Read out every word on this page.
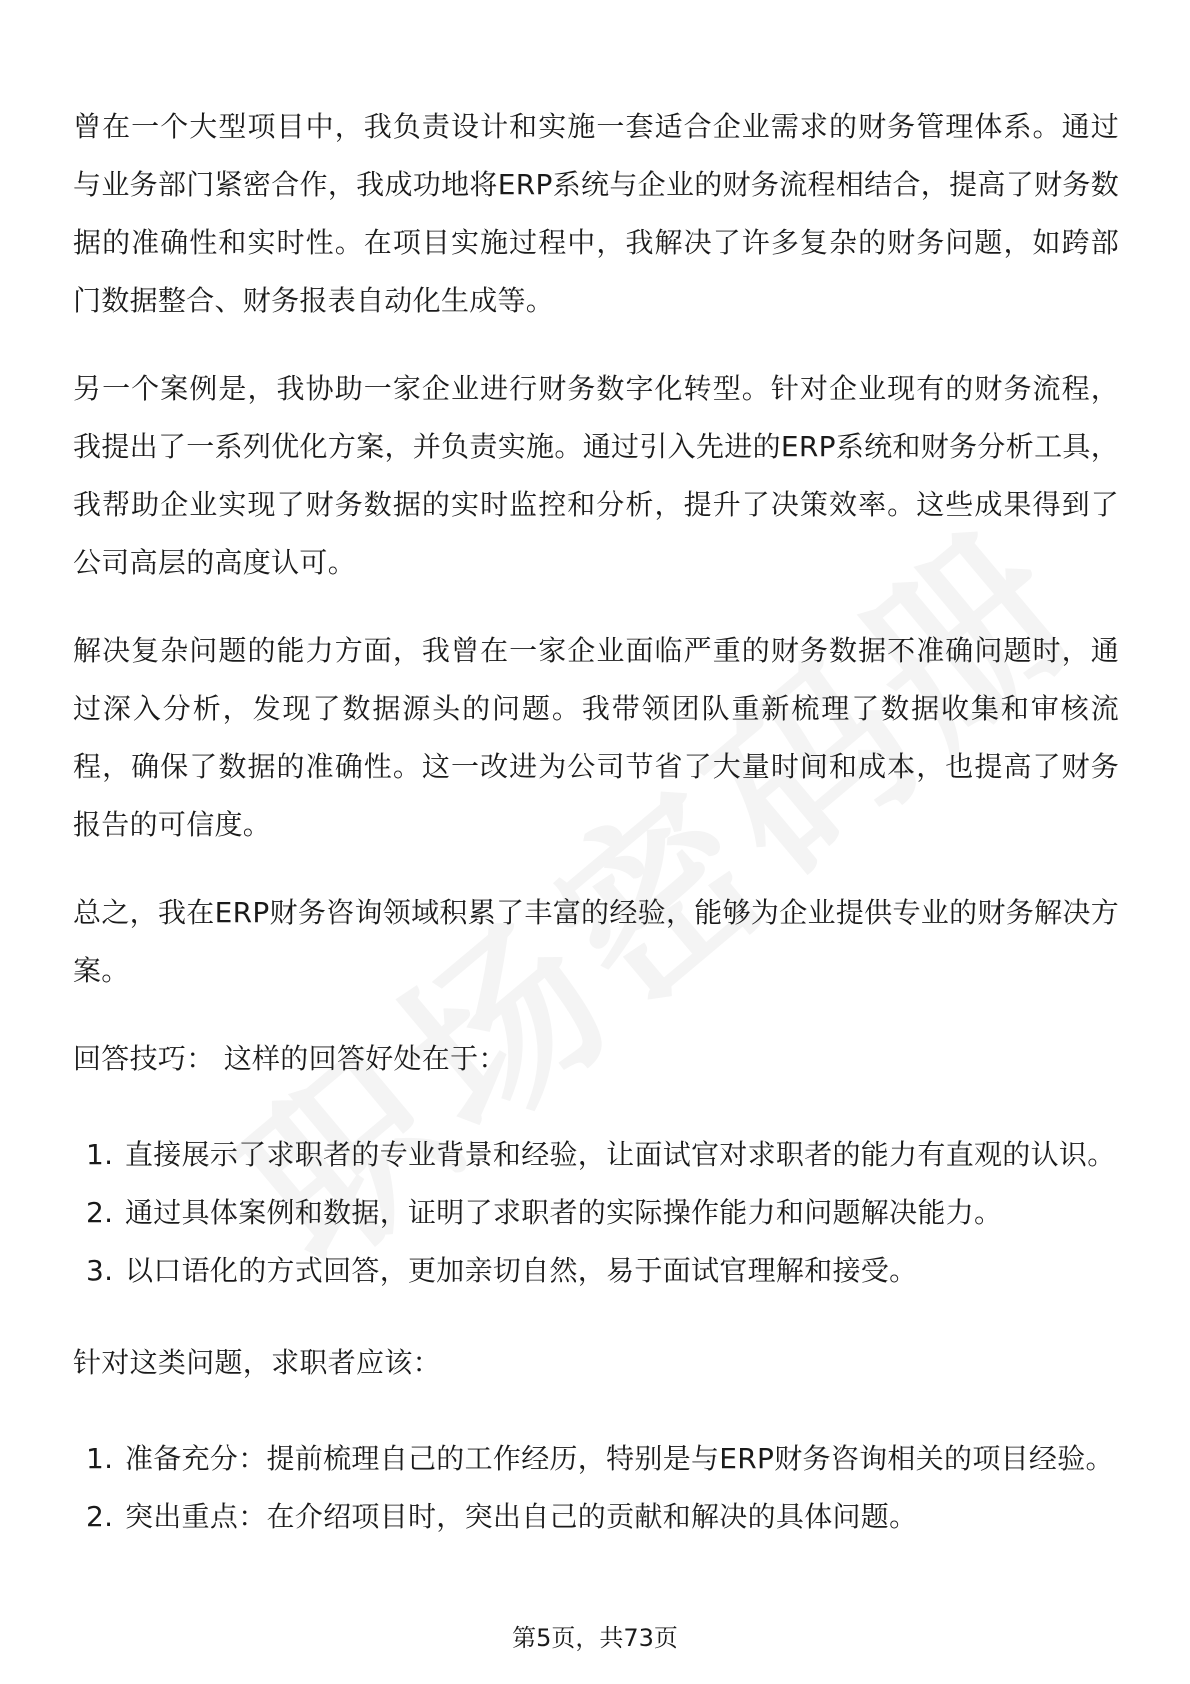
曾在一个大型项目中，我负责设计和实施一套适合企业需求的财务管理体系。通过与业务部门紧密合作，我成功地将ERP系统与企业的财务流程相结合，提高了财务数据的准确性和实时性。在项目实施过程中，我解决了许多复杂的财务问题，如跨部门数据整合、财务报表自动化生成等。

另一个案例是，我协助一家企业进行财务数字化转型。针对企业现有的财务流程，我提出了一系列优化方案，并负责实施。通过引入先进的ERP系统和财务分析工具，我帮助企业实现了财务数据的实时监控和分析，提升了决策效率。这些成果得到了公司高层的高度认可。

解决复杂问题的能力方面，我曾在一家企业面临严重的财务数据不准确问题时，通过深入分析，发现了数据源头的问题。我带领团队重新梳理了数据收集和审核流程，确保了数据的准确性。这一改进为公司节省了大量时间和成本，也提高了财务报告的可信度。

总之，我在ERP财务咨询领域积累了丰富的经验，能够为企业提供专业的财务解决方案。

回答技巧： 这样的回答好处在于：

1. 直接展示了求职者的专业背景和经验，让面试官对求职者的能力有直观的认识。
2. 通过具体案例和数据，证明了求职者的实际操作能力和问题解决能力。
3. 以口语化的方式回答，更加亲切自然，易于面试官理解和接受。

针对这类问题，求职者应该：

1. 准备充分：提前梳理自己的工作经历，特别是与ERP财务咨询相关的项目经验。
2. 突出重点：在介绍项目时，突出自己的贡献和解决的具体问题。
第5页，共73页
